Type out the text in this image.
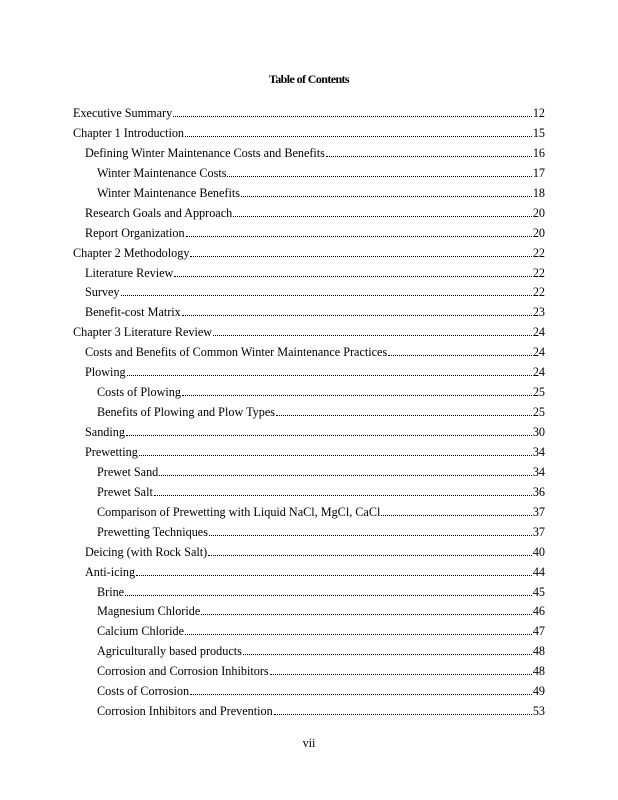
Table of Contents
Executive Summary	12
Chapter 1 Introduction	15
Defining Winter Maintenance Costs and Benefits	16
Winter Maintenance Costs	17
Winter Maintenance Benefits	18
Research Goals and Approach	20
Report Organization	20
Chapter 2 Methodology	22
Literature Review	22
Survey	22
Benefit-cost Matrix	23
Chapter 3 Literature Review	24
Costs and Benefits of Common Winter Maintenance Practices	24
Plowing	24
Costs of Plowing	25
Benefits of Plowing and Plow Types	25
Sanding	30
Prewetting	34
Prewet Sand	34
Prewet Salt	36
Comparison of Prewetting with Liquid NaCl, MgCl, CaCl	37
Prewetting Techniques	37
Deicing (with Rock Salt)	40
Anti-icing	44
Brine	45
Magnesium Chloride	46
Calcium Chloride	47
Agriculturally based products	48
Corrosion and Corrosion Inhibitors	48
Costs of Corrosion	49
Corrosion Inhibitors and Prevention	53
vii
